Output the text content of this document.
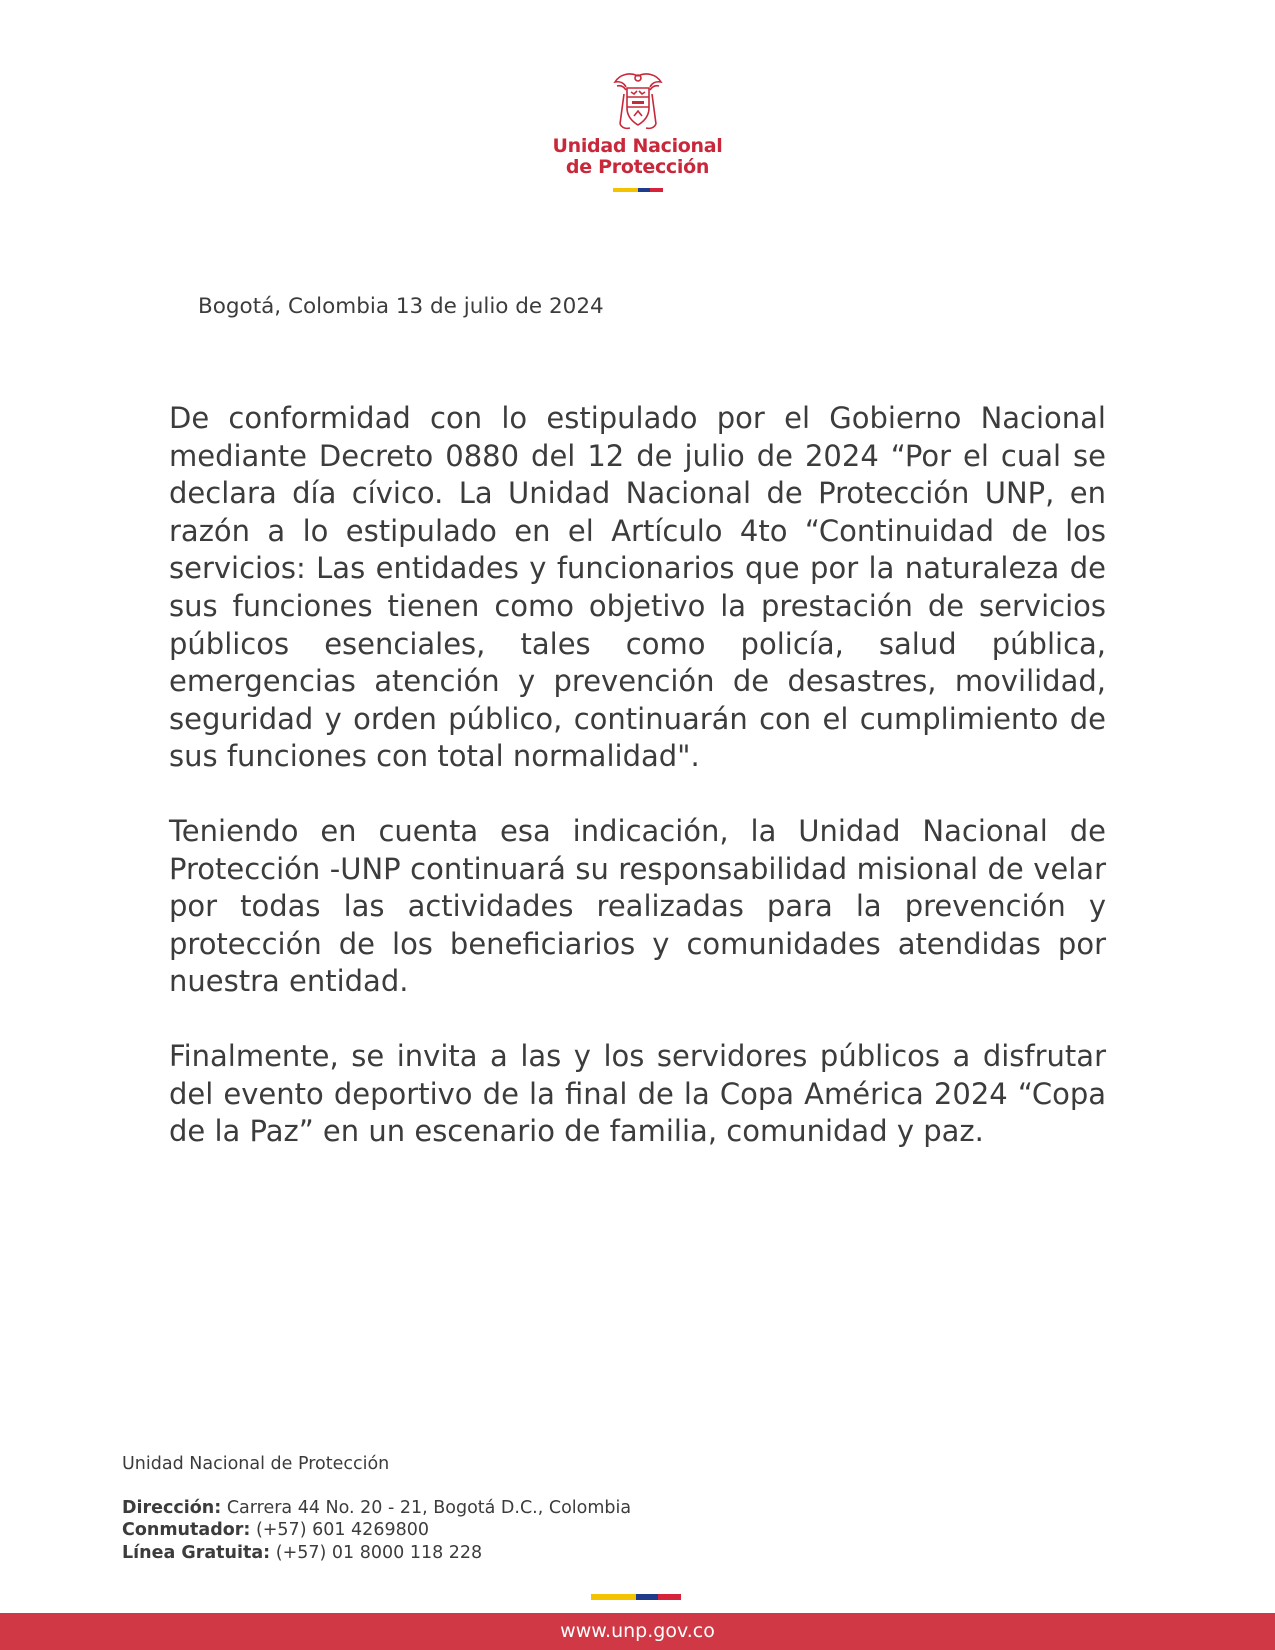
Unidad Nacional
de Protección
Bogotá, Colombia 13 de julio de 2024

De conformidad con lo estipulado por el Gobierno Nacional mediante Decreto 0880 del 12 de julio de 2024 “Por el cual se declara día cívico. La Unidad Nacional de Protección UNP, en razón a lo estipulado en el Artículo 4to “Continuidad de los servicios: Las entidades y funcionarios que por la naturaleza de sus funciones tienen como objetivo la prestación de servicios públicos esenciales, tales como policía, salud pública, emergencias atención y prevención de desastres, movilidad, seguridad y orden público, continuarán con el cumplimiento de sus funciones con total normalidad".

Teniendo en cuenta esa indicación, la Unidad Nacional de Protección -UNP continuará su responsabilidad misional de velar por todas las actividades realizadas para la prevención y protección de los beneficiarios y comunidades atendidas por nuestra entidad.

Finalmente, se invita a las y los servidores públicos a disfrutar del evento deportivo de la final de la Copa América 2024 “Copa de la Paz” en un escenario de familia, comunidad y paz.

Unidad Nacional de Protección
Dirección: Carrera 44 No. 20 - 21, Bogotá D.C., Colombia
Conmutador: (+57) 601 4269800
Línea Gratuita: (+57) 01 8000 118 228
www.unp.gov.co
